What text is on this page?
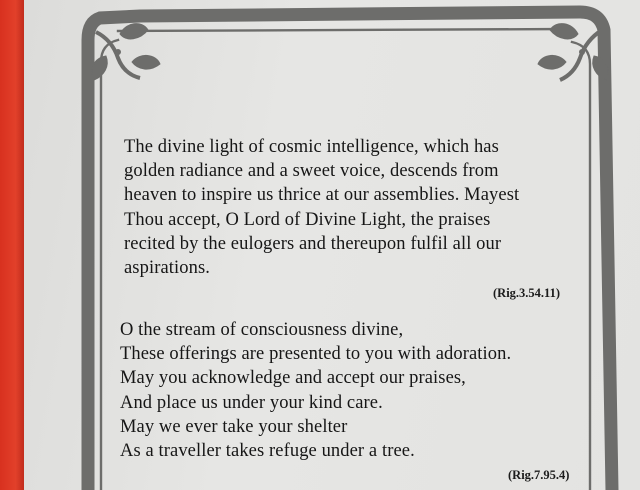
The divine light of cosmic intelligence, which has
golden radiance and a sweet voice, descends from
heaven to inspire us thrice at our assemblies. Mayest
Thou accept, O Lord of Divine Light, the praises
recited by the eulogers and thereupon fulfil all our
aspirations.
(Rig.3.54.11)
O the stream of consciousness divine,
These offerings are presented to you with adoration.
May you acknowledge and accept our praises,
And place us under your kind care.
May we ever take your shelter
As a traveller takes refuge under a tree.
(Rig.7.95.4)
